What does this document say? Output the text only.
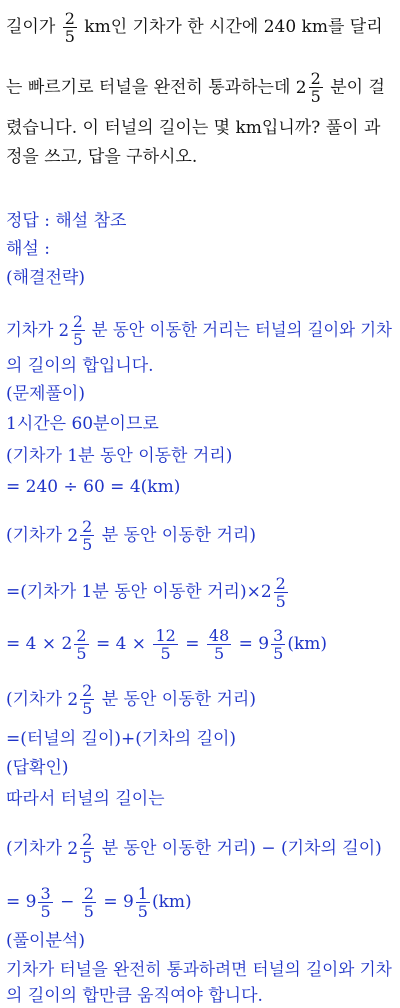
길이가 $\frac{2}{5}$ km인 기차가 한 시간에 240 km를 달리
는 빠르기로 터널을 완전히 통과하는데 $2 \frac{2}{5}$ 분이 걸
렸습니다. 이 터널의 길이는 몇 km입니까? 풀이 과
정을 쓰고, 답을 구하시오.
정답 : 해설 참조
해설 :
(해결전략)
기차가 $2 \frac{2}{5}$ 분 동안 이동한 거리는 터널의 길이와 기차
의 길이의 합입니다.
(문제풀이)
1시간은 60분이므로
(기차가 1분 동안 이동한 거리)
= 240 ÷ 60 = 4(km)
(기차가 $2 \frac{2}{5}$ 분 동안 이동한 거리)
=(기차가 1분 동안 이동한 거리)$\times 2 \frac{2}{5}$
= $4 \times 2 \frac{2}{5} = 4 \times \frac{12}{5} = \frac{48}{5} = 9 \frac{3}{5} (km)$
(기차가 $2 \frac{2}{5}$ 분 동안 이동한 거리)
=(터널의 길이)+(기차의 길이)
(답확인)
따라서 터널의 길이는
(기차가 $2 \frac{2}{5}$ 분 동안 이동한 거리) − (기차의 길이)
= $9 \frac{3}{5} - \frac{2}{5} = 9 \frac{1}{5} (km)$
(풀이분석)
기차가 터널을 완전히 통과하려면 터널의 길이와 기차
의 길이의 합만큼 움직여야 합니다.
